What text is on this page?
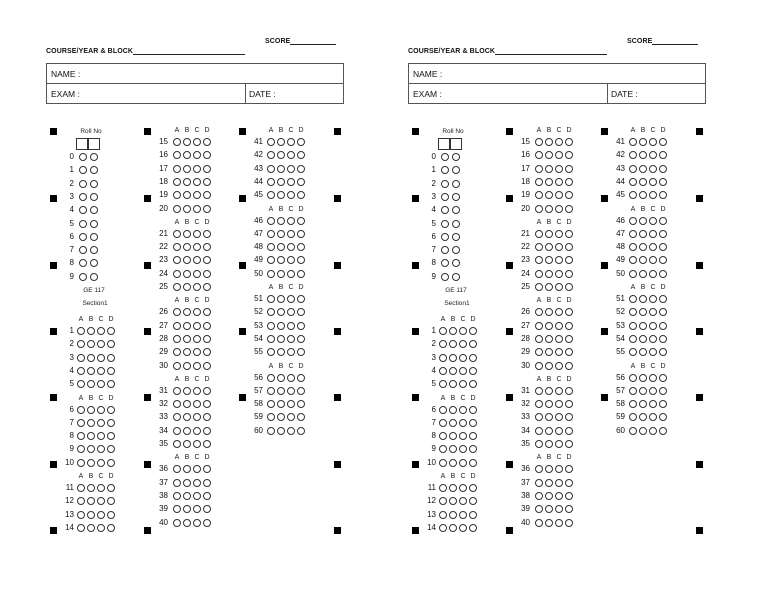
SCORE
COURSE/YEAR & BLOCK
NAME :
EXAM :	DATE :
Roll No
0
1
2
3
4
5
6
7
8
9
GE 117
Section1
A B C D
1
2
3
4
5
A B C D
6
7
8
9
10
A B C D
11
12
13
14
A B C D
15
16
17
18
19
20
A B C D
21
22
23
24
25
A B C D
26
27
28
29
30
A B C D
31
32
33
34
35
A B C D
36
37
38
39
40
A B C D
41
42
43
44
45
A B C D
46
47
48
49
50
A B C D
51
52
53
54
55
A B C D
56
57
58
59
60
SCORE
COURSE/YEAR & BLOCK
NAME :
EXAM :	DATE :
Roll No
0
1
2
3
4
5
6
7
8
9
GE 117
Section1
A B C D
1
2
3
4
5
A B C D
6
7
8
9
10
A B C D
11
12
13
14
A B C D
15
16
17
18
19
20
A B C D
21
22
23
24
25
A B C D
26
27
28
29
30
A B C D
31
32
33
34
35
A B C D
36
37
38
39
40
A B C D
41
42
43
44
45
A B C D
46
47
48
49
50
A B C D
51
52
53
54
55
A B C D
56
57
58
59
60
